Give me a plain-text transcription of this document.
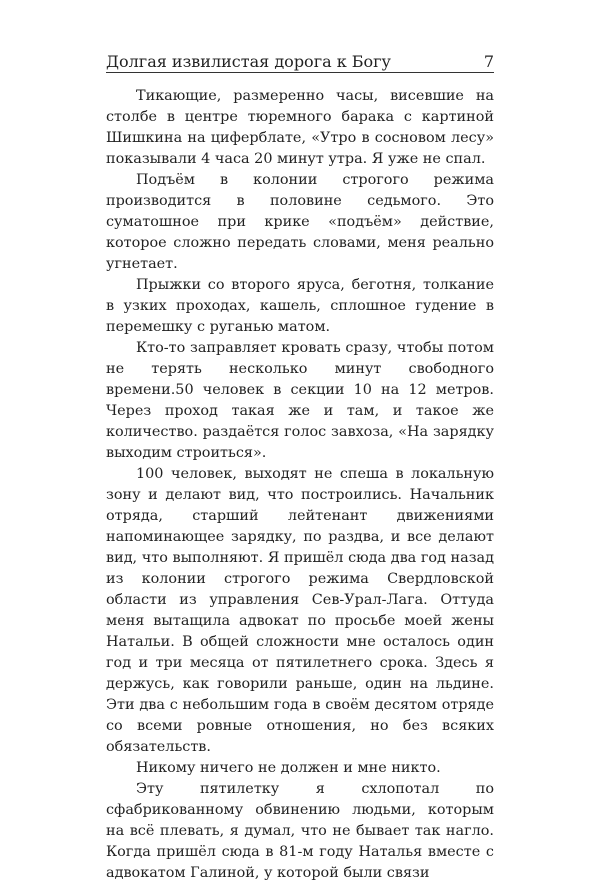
Долгая извилистая дорога к Богу	7

Тикающие, размеренно часы, висевшие на столбе в центре тюремного барака с картиной Шишкина на циферблате, «Утро в сосновом лесу» показывали 4 часа 20 минут утра. Я уже не спал.

Подъём в колонии строгого режима производится в половине седьмого. Это суматошное при крике «подъём» действие, которое сложно передать словами, меня реально угнетает.

Прыжки со второго яруса, беготня, толкание в узких проходах, кашель, сплошное гудение в перемешку с руганью матом.

Кто-то заправляет кровать сразу, чтобы потом не терять несколько минут свободного времени.50 человек в секции 10 на 12 метров. Через проход такая же и там, и такое же количество. раздаётся голос завхоза, «На зарядку выходим строиться».

100 человек, выходят не спеша в локальную зону и делают вид, что построились. Начальник отряда, старший лейтенант движениями напоминающее зарядку, по раздва, и все делают вид, что выполняют. Я пришёл сюда два год назад из колонии строгого режима Свердловской области из управления Сев-Урал-Лага. Оттуда меня вытащила адвокат по просьбе моей жены Натальи. В общей сложности мне осталось один год и три месяца от пятилетнего срока. Здесь я держусь, как говорили раньше, один на льдине. Эти два с небольшим года в своём десятом отряде со всеми ровные отношения, но без всяких обязательств.

Никому ничего не должен и мне никто.

Эту пятилетку я схлопотал по сфабрикованному обвинению людьми, которым на всё плевать, я думал, что не бывает так нагло. Когда пришёл сюда в 81-м году Наталья вместе с адвокатом Галиной, у которой были связи
